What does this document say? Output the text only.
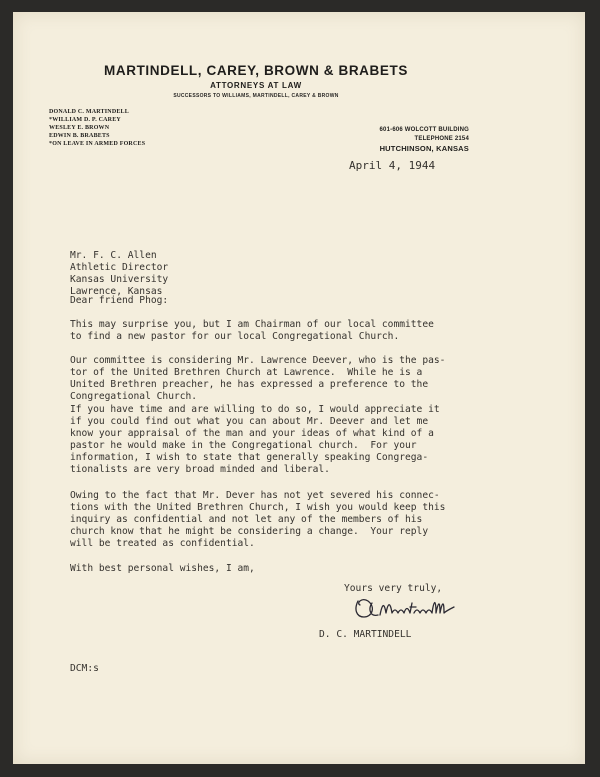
MARTINDELL, CAREY, BROWN & BRABETS
ATTORNEYS AT LAW
SUCCESSORS TO WILLIAMS, MARTINDELL, CAREY & BROWN
DONALD C. MARTINDELL
*WILLIAM D. P. CAREY
WESLEY E. BROWN
EDWIN B. BRABETS
*ON LEAVE IN ARMED FORCES
601-606 WOLCOTT BUILDING
TELEPHONE 2154
HUTCHINSON, KANSAS
April 4, 1944
Mr. F. C. Allen
Athletic Director
Kansas University
Lawrence, Kansas
Dear friend Phog:
This may surprise you, but I am Chairman of our local committee
to find a new pastor for our local Congregational Church.
Our committee is considering Mr. Lawrence Deever, who is the pas-
tor of the United Brethren Church at Lawrence.  While he is a
United Brethren preacher, he has expressed a preference to the
Congregational Church.
If you have time and are willing to do so, I would appreciate it
if you could find out what you can about Mr. Deever and let me
know your appraisal of the man and your ideas of what kind of a
pastor he would make in the Congregational church.  For your
information, I wish to state that generally speaking Congrega-
tionalists are very broad minded and liberal.
Owing to the fact that Mr. Dever has not yet severed his connec-
tions with the United Brethren Church, I wish you would keep this
inquiry as confidential and not let any of the members of his
church know that he might be considering a change.  Your reply
will be treated as confidential.
With best personal wishes, I am,
Yours very truly,
D. C. MARTINDELL
DCM:s
